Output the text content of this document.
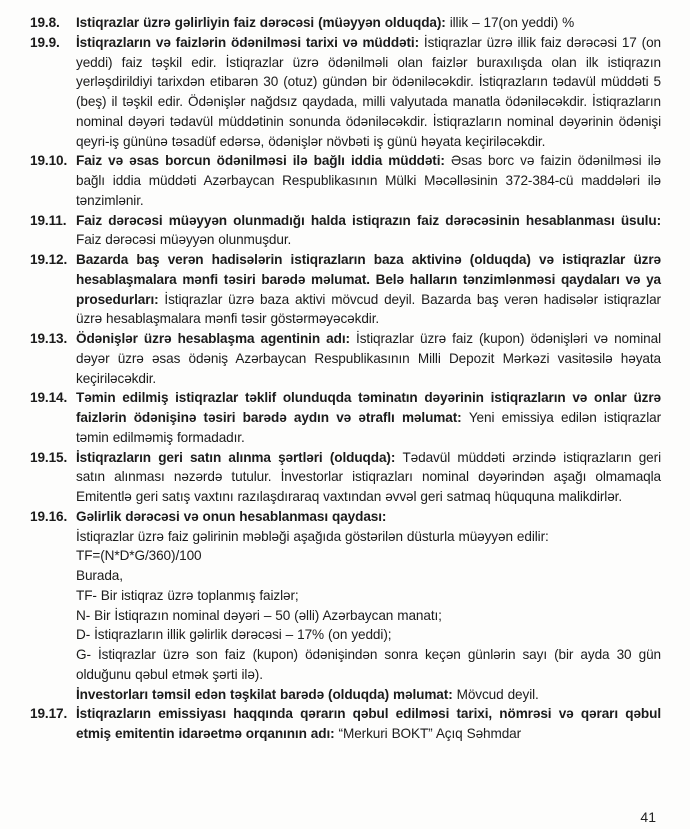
19.8.	Istiqrazlar üzrə gəlirliyin faiz dərəcəsi (müəyyən olduqda): illik – 17(on yeddi) %
19.9.	İstiqrazların və faizlərin ödənilməsi tarixi və müddəti: İstiqrazlar üzrə illik faiz dərəcəsi 17 (on yeddi) faiz təşkil edir. İstiqrazlar üzrə ödənilməli olan faizlər buraxılışda olan ilk istiqrazın yerləşdirildiyi tarixdən etibarən 30 (otuz) gündən bir ödəniləcəkdir. İstiqrazların tədavül müddəti 5 (beş) il təşkil edir. Ödənişlər nağdsız qaydada, milli valyutada manatla ödəniləcəkdir. İstiqrazların nominal dəyəri tədavül müddətinin sonunda ödəniləcəkdir. İstiqrazların nominal dəyərinin ödənişi qeyri-iş gününə təsadüf edərsə, ödənişlər növbəti iş günü həyata keçiriləcəkdir.
19.10. Faiz və əsas borcun ödənilməsi ilə bağlı iddia müddəti: Əsas borc və faizin ödənilməsi ilə bağlı iddia müddəti Azərbaycan Respublikasının Mülki Məcəlləsinin 372-384-cü maddələri ilə tənzimlənir.
19.11. Faiz dərəcəsi müəyyən olunmadığı halda istiqrazın faiz dərəcəsinin hesablanması üsulu: Faiz dərəcəsi müəyyən olunmuşdur.
19.12. Bazarda baş verən hadisələrin istiqrazların baza aktivinə (olduqda) və istiqrazlar üzrə hesablaşmalara mənfi təsiri barədə məlumat. Belə halların tənzimlənməsi qaydaları və ya prosedurları: İstiqrazlar üzrə baza aktivi mövcud deyil. Bazarda baş verən hadisələr istiqrazlar üzrə hesablaşmalara mənfi təsir göstərməyəcəkdir.
19.13. Ödənişlər üzrə hesablaşma agentinin adı: İstiqrazlar üzrə faiz (kupon) ödənişləri və nominal dəyər üzrə əsas ödəniş Azərbaycan Respublikasının Milli Depozit Mərkəzi vasitəsilə həyata keçiriləcəkdir.
19.14. Təmin edilmiş istiqrazlar təklif olunduqda təminatın dəyərinin istiqrazların və onlar üzrə faizlərin ödənişinə təsiri barədə aydın və ətraflı məlumat: Yeni emissiya edilən istiqrazlar təmin edilməmiş formadadır.
19.15. İstiqrazların geri satın alınma şərtləri (olduqda): Tədavül müddəti ərzində istiqrazların geri satın alınması nəzərdə tutulur. İnvestorlar istiqrazları nominal dəyərindən aşağı olmamaqla Emitentlə geri satış vaxtını razılaşdıraraq vaxtından əvvəl geri satmaq hüququna malikdirlər.
19.16. Gəlirlik dərəcəsi və onun hesablanması qaydası:
İstiqrazlar üzrə faiz gəlirinin məbləği aşağıda göstərilən düsturla müəyyən edilir:
TF=(N*D*G/360)/100
Burada,
TF- Bir istiqraz üzrə toplanmış faizlər;
N- Bir İstiqrazın nominal dəyəri – 50 (əlli) Azərbaycan manatı;
D- İstiqrazların illik gəlirlik dərəcəsi – 17% (on yeddi);
G- İstiqrazlar üzrə son faiz (kupon) ödənişindən sonra keçən günlərin sayı (bir ayda 30 gün olduğunu qəbul etmək şərti ilə).
İnvestorları təmsil edən təşkilat barədə (olduqda) məlumat: Mövcud deyil.
19.17. İstiqrazların emissiyası haqqında qərarın qəbul edilməsi tarixi, nömrəsi və qərarı qəbul etmiş emitentin idarəetmə orqanının adı: “Merkuri BOKT” Açıq Səhmdar
41
